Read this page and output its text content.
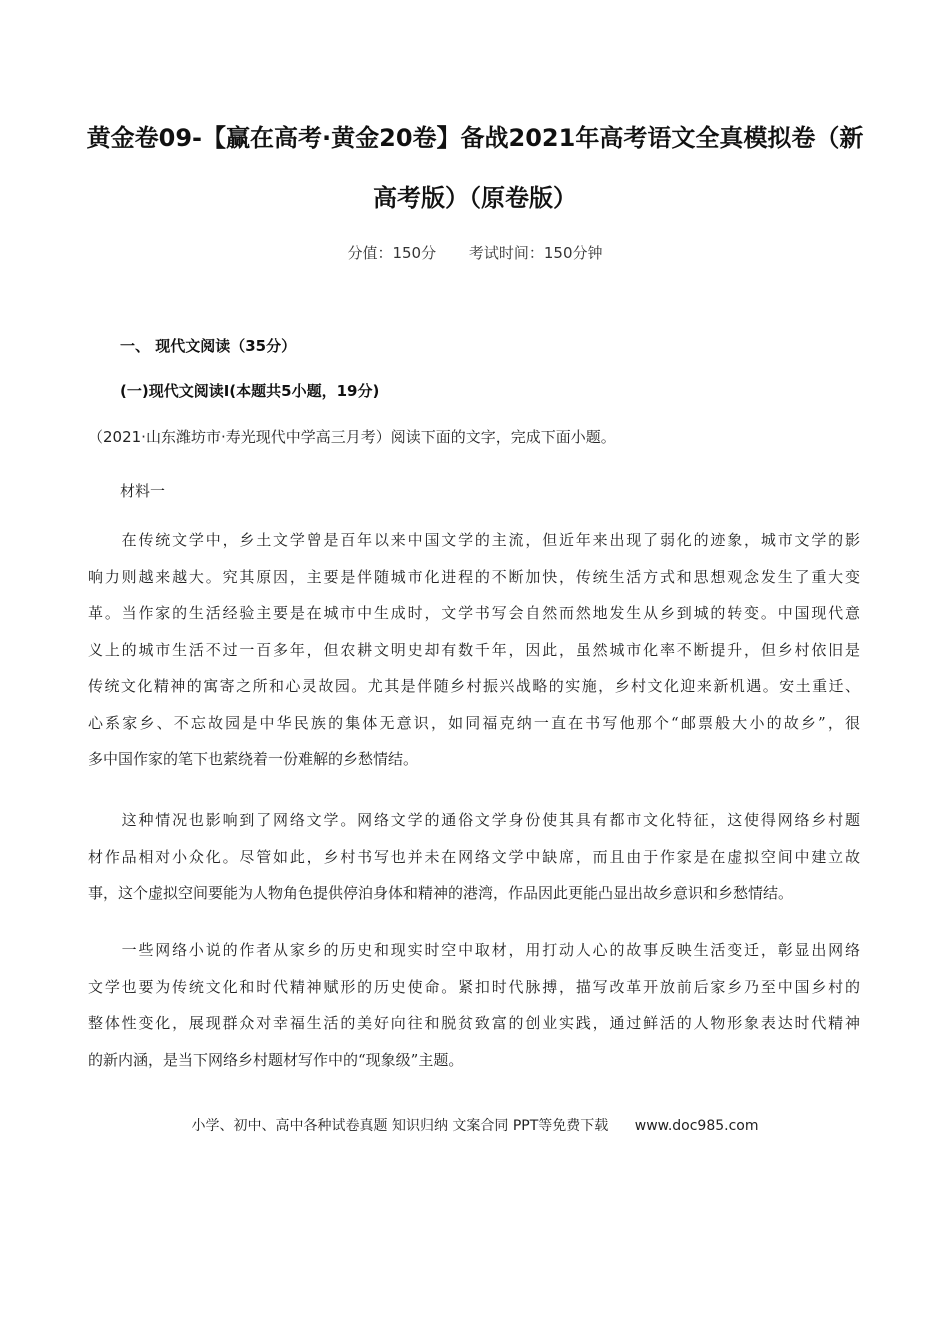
黄金卷09-【赢在高考·黄金20卷】备战2021年高考语文全真模拟卷（新
高考版）（原卷版）
分值：150分 考试时间：150分钟
一、 现代文阅读（35分）
(一)现代文阅读Ⅰ(本题共5小题，19分)
（2021·山东潍坊市·寿光现代中学高三月考）阅读下面的文字，完成下面小题。
材料一
　　在传统文学中，乡土文学曾是百年以来中国文学的主流，但近年来出现了弱化的迹象，城市文学的影
响力则越来越大。究其原因，主要是伴随城市化进程的不断加快，传统生活方式和思想观念发生了重大变
革。当作家的生活经验主要是在城市中生成时，文学书写会自然而然地发生从乡到城的转变。中国现代意
义上的城市生活不过一百多年，但农耕文明史却有数千年，因此，虽然城市化率不断提升，但乡村依旧是
传统文化精神的寓寄之所和心灵故园。尤其是伴随乡村振兴战略的实施，乡村文化迎来新机遇。安土重迁、
心系家乡、不忘故园是中华民族的集体无意识，如同福克纳一直在书写他那个“邮票般大小的故乡”，很
多中国作家的笔下也萦绕着一份难解的乡愁情结。
　　这种情况也影响到了网络文学。网络文学的通俗文学身份使其具有都市文化特征，这使得网络乡村题
材作品相对小众化。尽管如此，乡村书写也并未在网络文学中缺席，而且由于作家是在虚拟空间中建立故
事，这个虚拟空间要能为人物角色提供停泊身体和精神的港湾，作品因此更能凸显出故乡意识和乡愁情结。
　　一些网络小说的作者从家乡的历史和现实时空中取材，用打动人心的故事反映生活变迁，彰显出网络
文学也要为传统文化和时代精神赋形的历史使命。紧扣时代脉搏，描写改革开放前后家乡乃至中国乡村的
整体性变化，展现群众对幸福生活的美好向往和脱贫致富的创业实践，通过鲜活的人物形象表达时代精神
的新内涵，是当下网络乡村题材写作中的“现象级”主题。
小学、初中、高中各种试卷真题 知识归纳 文案合同 PPT等免费下载 www.doc985.com
